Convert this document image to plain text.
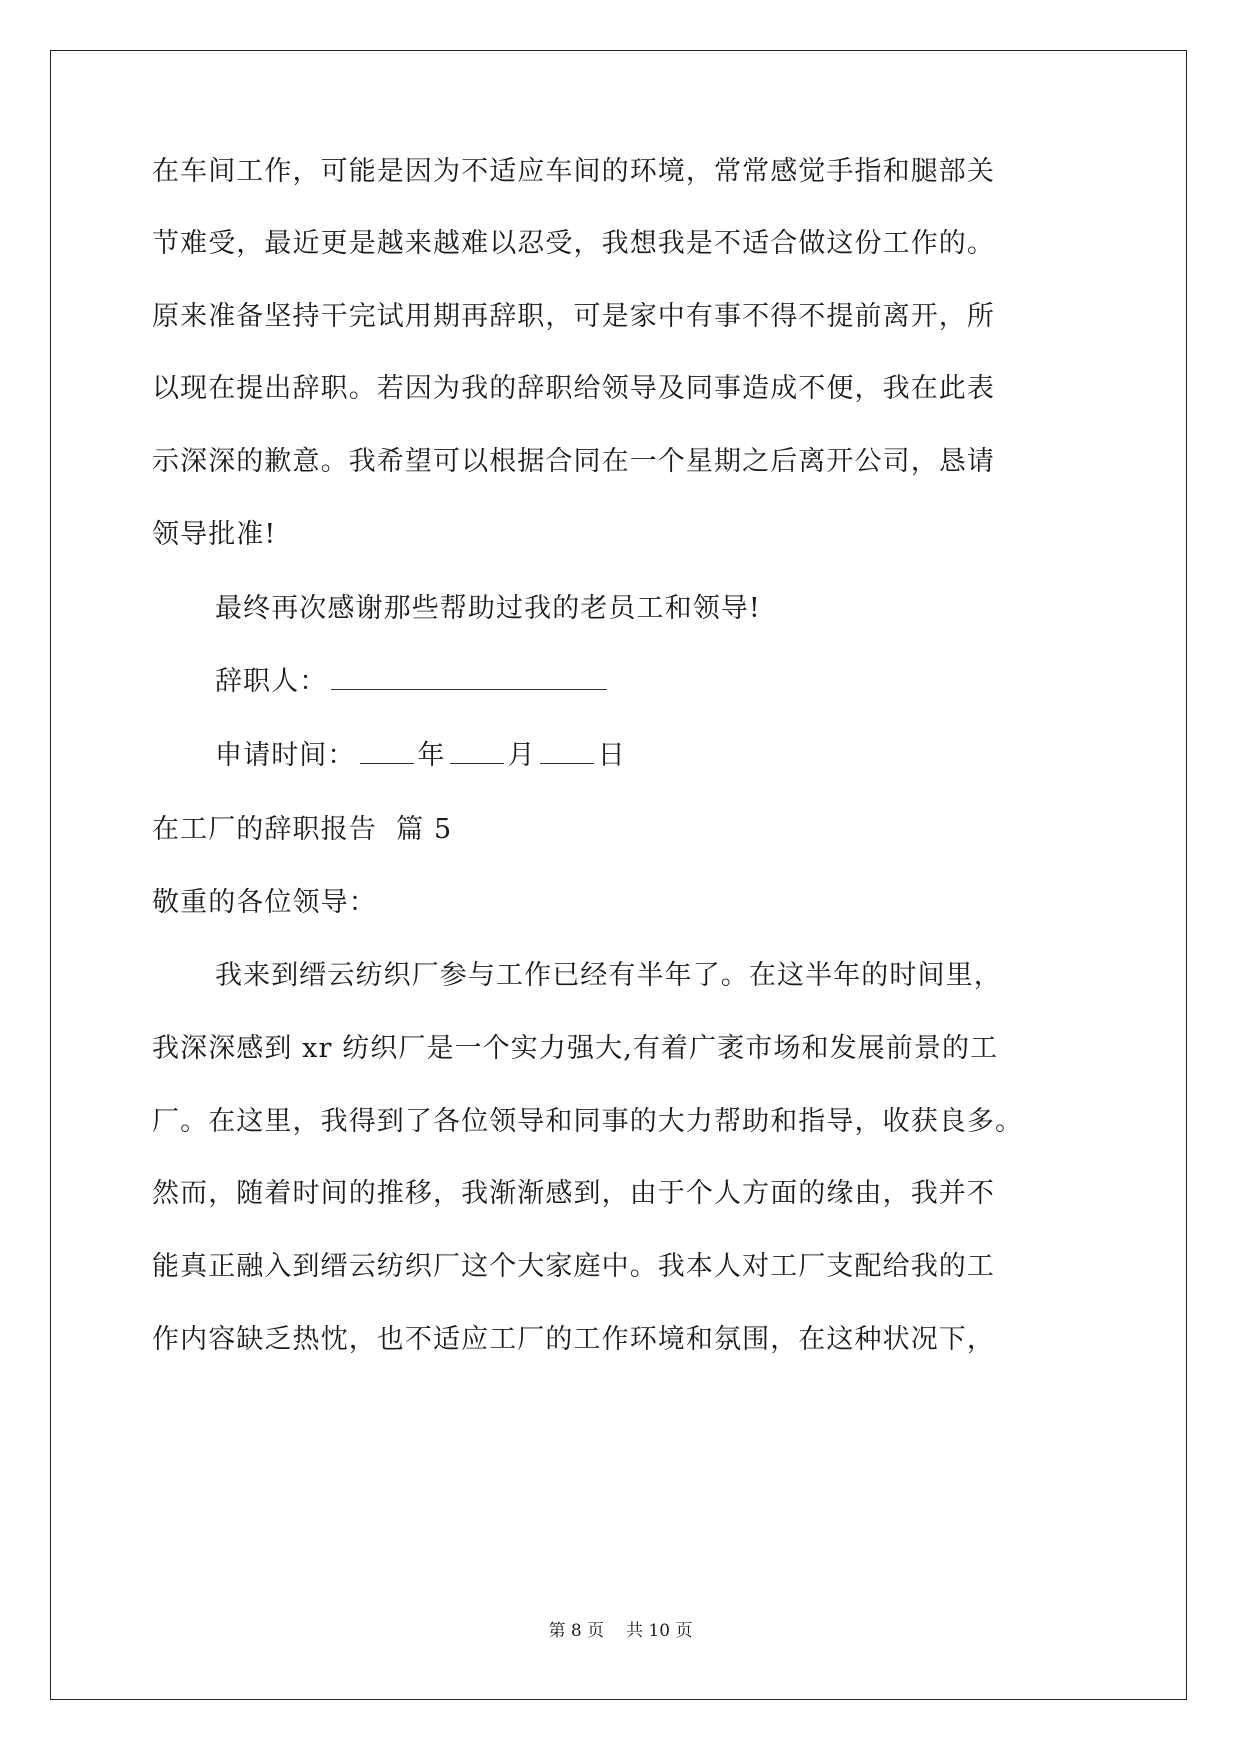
在车间工作，可能是因为不适应车间的环境，常常感觉手指和腿部关
节难受，最近更是越来越难以忍受，我想我是不适合做这份工作的。
原来准备坚持干完试用期再辞职，可是家中有事不得不提前离开，所
以现在提出辞职。若因为我的辞职给领导及同事造成不便，我在此表
示深深的歉意。我希望可以根据合同在一个星期之后离开公司，恳请
领导批准!
最终再次感谢那些帮助过我的老员工和领导!
辞职人：
申请时间： 年 月 日
在工厂的辞职报告  篇 5
敬重的各位领导：
我来到缙云纺织厂参与工作已经有半年了。在这半年的时间里，
我深深感到 xr 纺织厂是一个实力强大,有着广袤市场和发展前景的工
厂。在这里，我得到了各位领导和同事的大力帮助和指导，收获良多。
然而，随着时间的推移，我渐渐感到，由于个人方面的缘由，我并不
能真正融入到缙云纺织厂这个大家庭中。我本人对工厂支配给我的工
作内容缺乏热忱，也不适应工厂的工作环境和氛围，在这种状况下，
第 8 页 共 10 页
